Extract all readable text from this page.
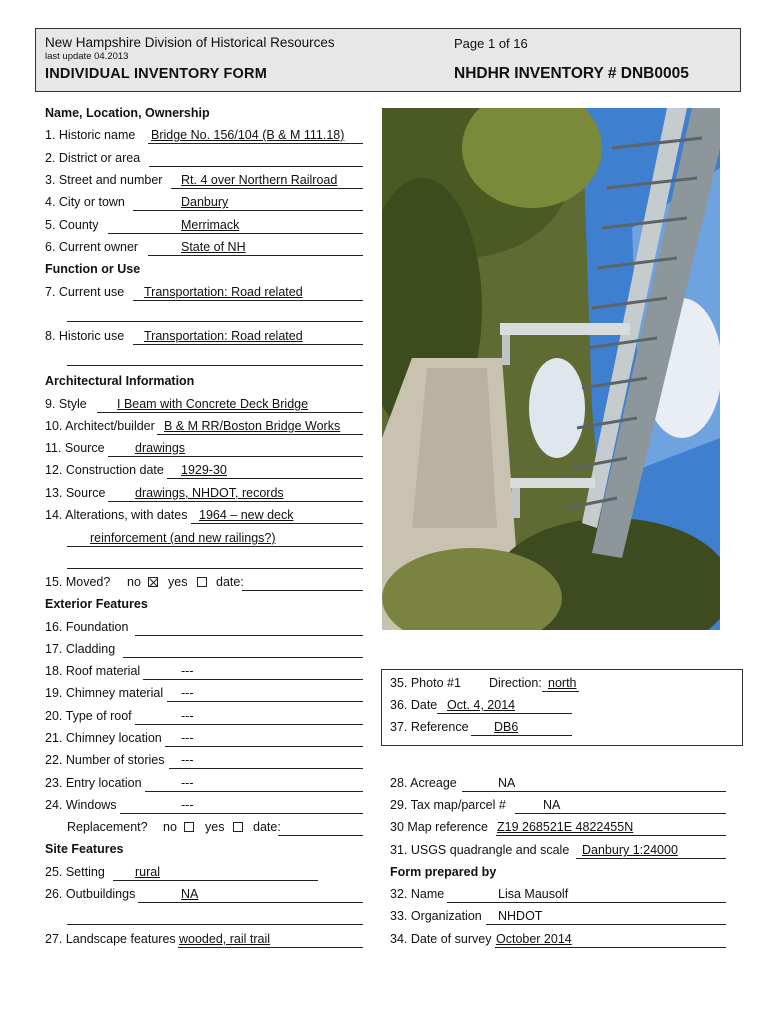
New Hampshire Division of Historical Resources
last update 04.2013
INDIVIDUAL INVENTORY FORM
Page 1 of 16
NHDHR INVENTORY # DNB0005
Name, Location, Ownership
1. Historic name Bridge No. 156/104 (B & M 111.18)
2. District or area
3. Street and number Rt. 4 over Northern Railroad
4. City or town	Danbury
5. County	Merrimack
6. Current owner	State of NH
Function or Use
7. Current use Transportation: Road related
8. Historic use Transportation: Road related
Architectural Information
9. Style I Beam with Concrete Deck Bridge
10. Architect/builder B & M RR/Boston Bridge Works
11. Source drawings
12. Construction date 1929-30
13. Source drawings, NHDOT, records
14. Alterations, with dates 1964 – new deck
reinforcement (and new railings?)
15. Moved? no yes date:
Exterior Features
16. Foundation
17. Cladding
18. Roof material	---
19. Chimney material ---
20. Type of roof	---
21. Chimney location ---
22. Number of stories ---
23. Entry location	---
24. Windows	---
Replacement? no yes date:
Site Features
25. Setting rural
26. Outbuildings	NA
27. Landscape features wooded, rail trail
35. Photo #1 Direction: north
36. Date Oct. 4, 2014
37. Reference DB6
28. Acreage	NA
29. Tax map/parcel #	NA
30 Map reference Z19 268521E 4822455N
31. USGS quadrangle and scale Danbury 1:24000
Form prepared by
32. Name	Lisa Mausolf
33. Organization NHDOT
34. Date of survey October 2014
